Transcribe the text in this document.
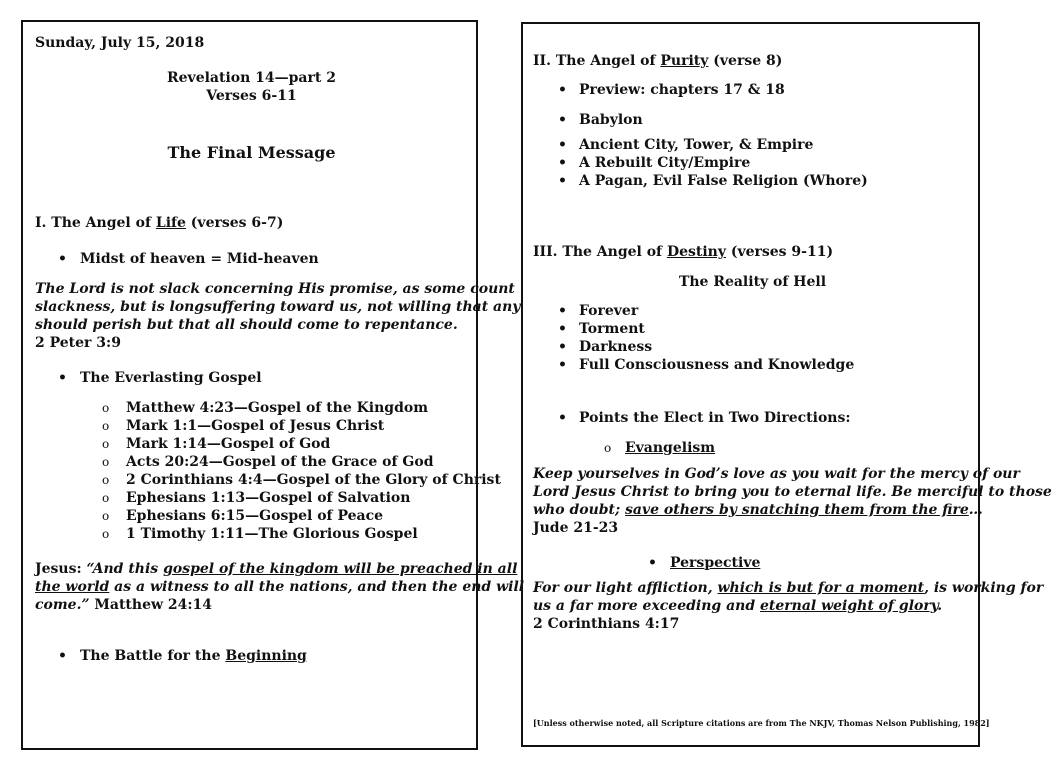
Sunday, July 15, 2018
Revelation 14—part 2
Verses 6-11
The Final Message
I. The Angel of Life (verses 6-7)
• Midst of heaven = Mid-heaven
The Lord is not slack concerning His promise, as some count
slackness, but is longsuffering toward us, not willing that any
should perish but that all should come to repentance.
2 Peter 3:9
• The Everlasting Gospel
o Matthew 4:23—Gospel of the Kingdom
o Mark 1:1—Gospel of Jesus Christ
o Mark 1:14—Gospel of God
o Acts 20:24—Gospel of the Grace of God
o 2 Corinthians 4:4—Gospel of the Glory of Christ
o Ephesians 1:13—Gospel of Salvation
o Ephesians 6:15—Gospel of Peace
o 1 Timothy 1:11—The Glorious Gospel
Jesus: “And this gospel of the kingdom will be preached in all
the world as a witness to all the nations, and then the end will
come.” Matthew 24:14
• The Battle for the Beginning
II. The Angel of Purity (verse 8)
• Preview: chapters 17 & 18
• Babylon
• Ancient City, Tower, & Empire
• A Rebuilt City/Empire
• A Pagan, Evil False Religion (Whore)
III. The Angel of Destiny (verses 9-11)
The Reality of Hell
• Forever
• Torment
• Darkness
• Full Consciousness and Knowledge
• Points the Elect in Two Directions:
o Evangelism
Keep yourselves in God’s love as you wait for the mercy of our
Lord Jesus Christ to bring you to eternal life. Be merciful to those
who doubt; save others by snatching them from the fire…
Jude 21-23
• Perspective
For our light affliction, which is but for a moment, is working for
us a far more exceeding and eternal weight of glory.
2 Corinthians 4:17
[Unless otherwise noted, all Scripture citations are from The NKJV, Thomas Nelson Publishing, 1982]
